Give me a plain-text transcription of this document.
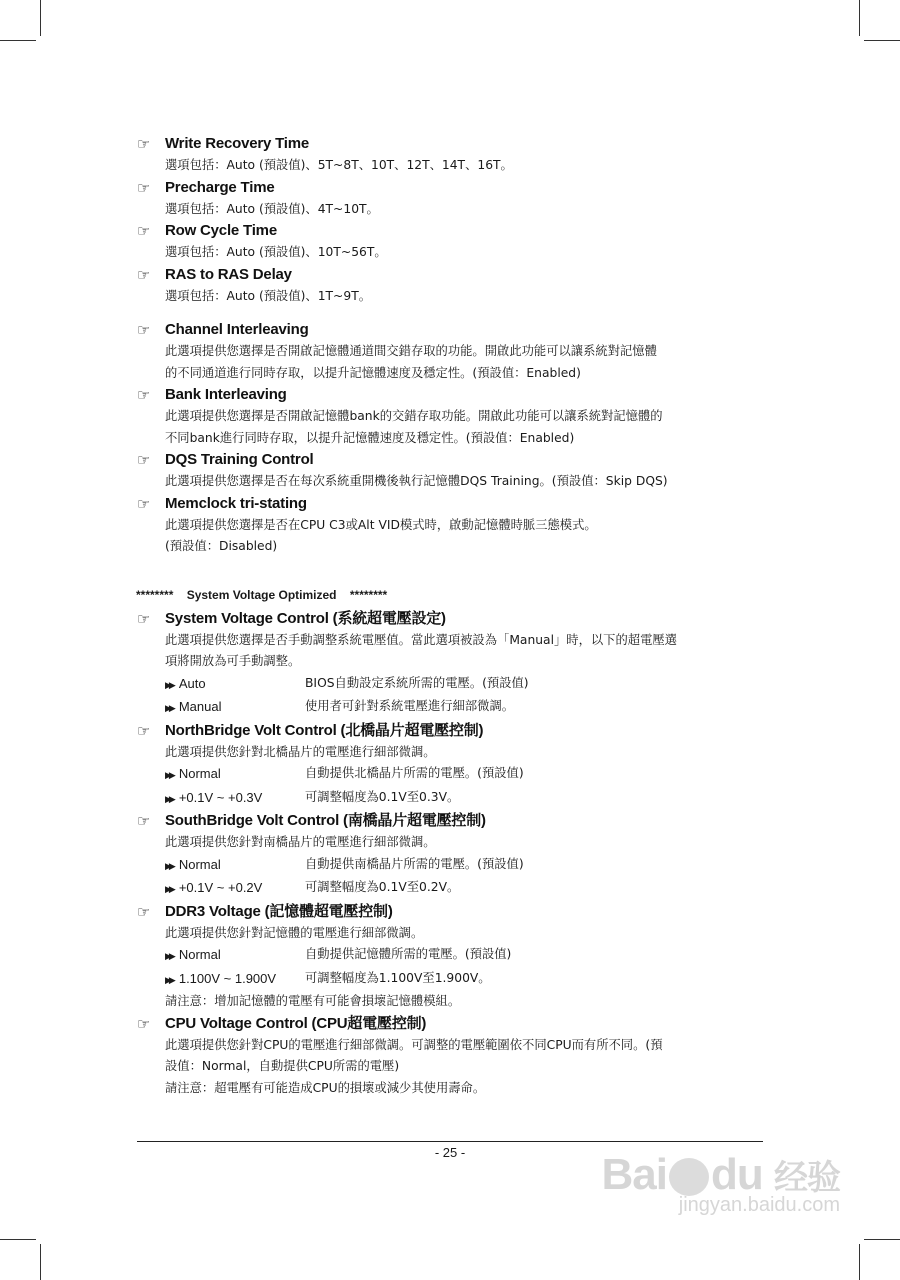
☞ Write Recovery Time
選項包括：Auto (預設值)、5T~8T、10T、12T、14T、16T。
☞ Precharge Time
選項包括：Auto (預設值)、4T~10T。
☞ Row Cycle Time
選項包括：Auto (預設值)、10T~56T。
☞ RAS to RAS Delay
選項包括：Auto (預設值)、1T~9T。
☞ Channel Interleaving
此選項提供您選擇是否開啟記憶體通道間交錯存取的功能。開啟此功能可以讓系統對記憶體
的不同通道進行同時存取，以提升記憶體速度及穩定性。(預設值：Enabled)
☞ Bank Interleaving
此選項提供您選擇是否開啟記憶體bank的交錯存取功能。開啟此功能可以讓系統對記憶體的
不同bank進行同時存取，以提升記憶體速度及穩定性。(預設值：Enabled)
☞ DQS Training Control
此選項提供您選擇是否在每次系統重開機後執行記憶體DQS Training。(預設值：Skip DQS)
☞ Memclock tri-stating
此選項提供您選擇是否在CPU C3或Alt VID模式時，啟動記憶體時脈三態模式。
(預設值：Disabled)
******** System Voltage Optimized ********
☞ System Voltage Control (系統超電壓設定)
此選項提供您選擇是否手動調整系統電壓值。當此選項被設為「Manual」時，以下的超電壓選
項將開放為可手動調整。
▶▶ Auto	BIOS自動設定系統所需的電壓。(預設值)
▶▶ Manual	使用者可針對系統電壓進行細部微調。
☞ NorthBridge Volt Control (北橋晶片超電壓控制)
此選項提供您針對北橋晶片的電壓進行細部微調。
▶▶ Normal	自動提供北橋晶片所需的電壓。(預設值)
▶▶ +0.1V ~ +0.3V	可調整幅度為0.1V至0.3V。
☞ SouthBridge Volt Control (南橋晶片超電壓控制)
此選項提供您針對南橋晶片的電壓進行細部微調。
▶▶ Normal	自動提供南橋晶片所需的電壓。(預設值)
▶▶ +0.1V ~ +0.2V	可調整幅度為0.1V至0.2V。
☞ DDR3 Voltage (記憶體超電壓控制)
此選項提供您針對記憶體的電壓進行細部微調。
▶▶ Normal	自動提供記憶體所需的電壓。(預設值)
▶▶ 1.100V ~ 1.900V	可調整幅度為1.100V至1.900V。
請注意：增加記憶體的電壓有可能會損壞記憶體模組。
☞ CPU Voltage Control (CPU超電壓控制)
此選項提供您針對CPU的電壓進行細部微調。可調整的電壓範圍依不同CPU而有所不同。(預
設值：Normal，自動提供CPU所需的電壓)
請注意：超電壓有可能造成CPU的損壞或減少其使用壽命。
- 25 -	Bai du 经验
jingyan.baidu.com
